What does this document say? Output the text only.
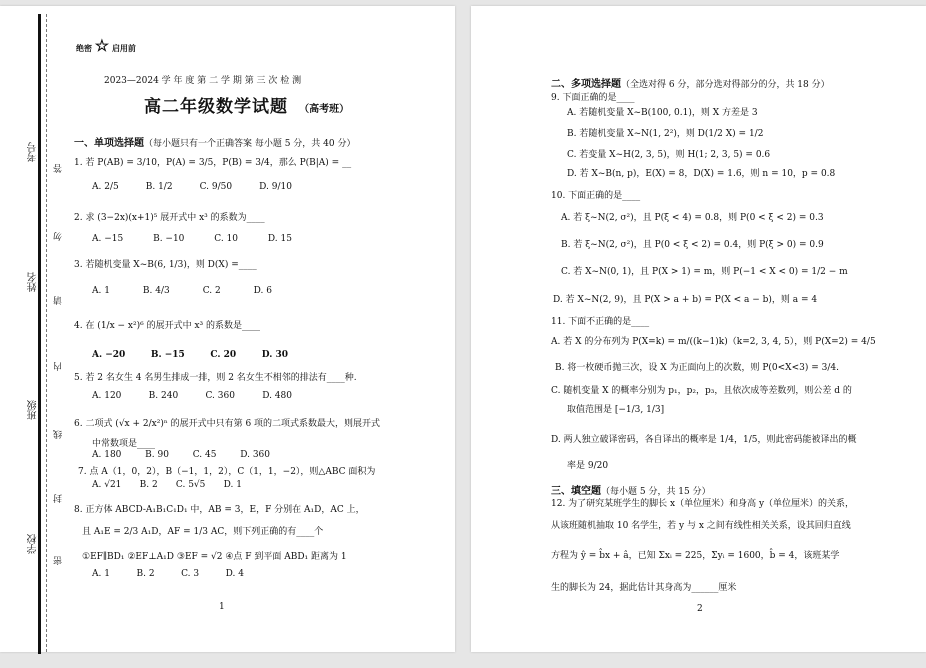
考号
姓名
班级
学校
答
勿
请
内
线
封
密
绝密 ☆ 启用前
2023—2024 学 年 度 第 二 学 期 第 三 次 检 测
高二年级数学试题 （高考班）
一、单项选择题（每小题只有一个正确答案 每小题 5 分，共 40 分）
1. 若 P(AB) = 3/10，P(A) = 3/5，P(B) = 3/4，那么 P(B|A) = __
A. 2/5	B. 1/2	C. 9/50	D. 9/10
2. 求 (3−2x)(x+1)⁵ 展开式中 x³ 的系数为____
A. −15	B. −10	C. 10	D. 15
3. 若随机变量 X~B(6, 1/3)，则 D(X) =____
A. 1	B. 4/3	C. 2	D. 6
4. 在 (1/x − x²)⁶ 的展开式中 x³ 的系数是____
A. −20	B. −15	C. 20	D. 30
5. 若 2 名女生 4 名男生排成一排，则 2 名女生不相邻的排法有____种.
A. 120	B. 240	C. 360	D. 480
6. 二项式 (√x + 2/x²)ⁿ 的展开式中只有第 6 项的二项式系数最大，则展开式
中常数项是____
A. 180	B. 90	C. 45	D. 360
7. 点 A（1，0，2），B（−1，1，2），C（1，1，−2），则△ABC 面积为
A. √21 B. 2 C. 5√5 D. 1
8. 正方体 ABCD-A₁B₁C₁D₁ 中，AB = 3，E，F 分别在 A₁D，AC 上，
且 A₁E = 2/3 A₁D，AF = 1/3 AC，则下列正确的有____个
①EF∥BD₁ ②EF⊥A₁D ③EF = √2 ④点 F 到平面 ABD₁ 距离为 1
A. 1	B. 2	C. 3	D. 4
1
二、多项选择题（全选对得 6 分，部分选对得部分的分，共 18 分）
9. 下面正确的是____
A. 若随机变量 X~B(100, 0.1)，则 X 方差是 3
B. 若随机变量 X~N(1, 2²)，则 D(1/2 X) = 1/2
C. 若变量 X~H(2, 3, 5)，则 H(1; 2, 3, 5) = 0.6
D. 若 X~B(n, p)，E(X) = 8，D(X) = 1.6，则 n = 10，p = 0.8
10. 下面正确的是____
A. 若 ξ~N(2, σ²)，且 P(ξ < 4) = 0.8，则 P(0 < ξ < 2) = 0.3
B. 若 ξ~N(2, σ²)，且 P(0 < ξ < 2) = 0.4，则 P(ξ > 0) = 0.9
C. 若 X~N(0, 1)，且 P(X > 1) = m，则 P(−1 < X < 0) = 1/2 − m
D. 若 X~N(2, 9)，且 P(X > a + b) = P(X < a − b)，则 a = 4
11. 下面不正确的是____
A. 若 X 的分布列为 P(X=k) = m/((k−1)k)（k=2, 3, 4, 5），则 P(X=2) = 4/5
B. 将一枚硬币抛三次，设 X 为正面向上的次数，则 P(0<X<3) = 3/4.
C. 随机变量 X 的概率分别为 p₁，p₂，p₃，且依次成等差数列，则公差 d 的
取值范围是 [−1/3, 1/3]
D. 两人独立破译密码，各自译出的概率是 1/4，1/5，则此密码能被译出的概
率是 9/20
三、填空题（每小题 5 分，共 15 分）
12. 为了研究某班学生的脚长 x（单位厘米）和身高 y（单位厘米）的关系，
从该班随机抽取 10 名学生，若 y 与 x 之间有线性相关关系，设其回归直线
方程为 ŷ = b̂x + â，已知 Σxᵢ = 225，Σyᵢ = 1600，b̂ = 4，该班某学
生的脚长为 24，据此估计其身高为______厘米
2
